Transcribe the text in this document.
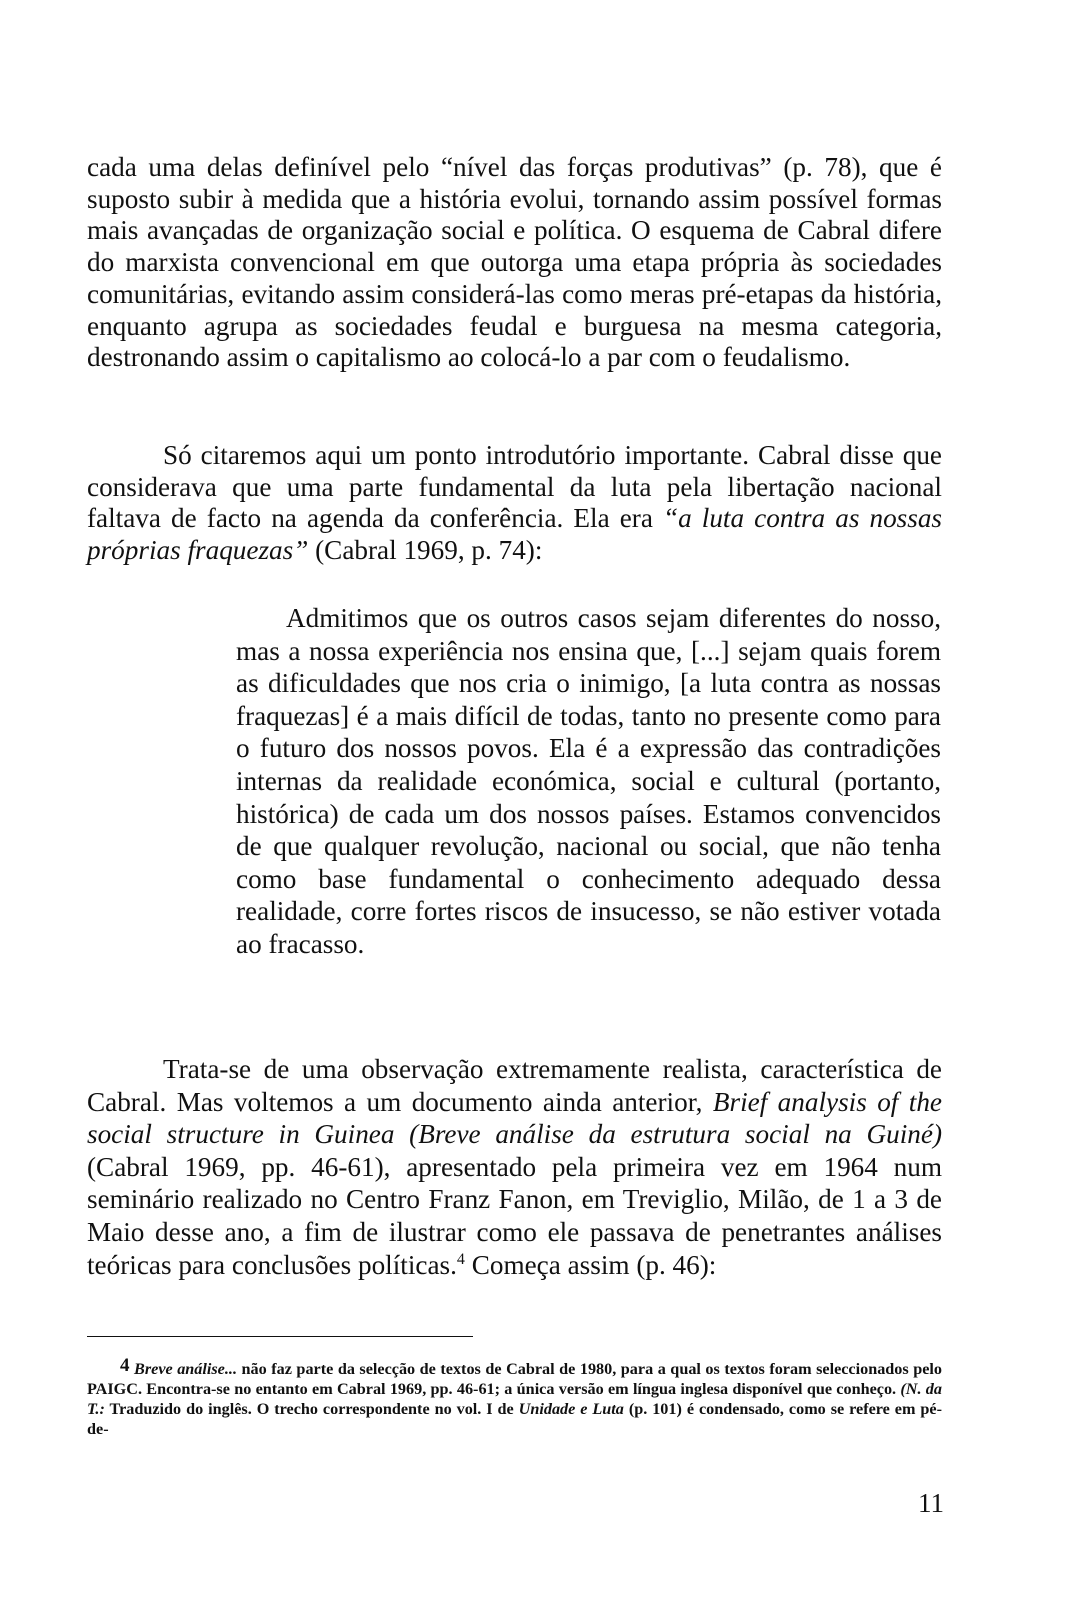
cada uma delas definível pelo “nível das forças produtivas” (p. 78), que é suposto subir à medida que a história evolui, tornando assim possível formas mais avançadas de organização social e política. O esquema de Cabral difere do marxista convencional em que outorga uma etapa própria às sociedades comunitárias, evitando assim considerá-las como meras pré-etapas da história, enquanto agrupa as sociedades feudal e burguesa na mesma categoria, destronando assim o capitalismo ao colocá-lo a par com o feudalismo.

Só citaremos aqui um ponto introdutório importante. Cabral disse que considerava que uma parte fundamental da luta pela libertação nacional faltava de facto na agenda da conferência. Ela era “a luta contra as nossas próprias fraquezas” (Cabral 1969, p. 74):

Admitimos que os outros casos sejam diferentes do nosso, mas a nossa experiência nos ensina que, [...] sejam quais forem as dificuldades que nos cria o inimigo, [a luta contra as nossas fraquezas] é a mais difícil de todas, tanto no presente como para o futuro dos nossos povos. Ela é a expressão das contradições internas da realidade económica, social e cultural (portanto, histórica) de cada um dos nossos países. Estamos convencidos de que qualquer revolução, nacional ou social, que não tenha como base fundamental o conhecimento adequado dessa realidade, corre fortes riscos de insucesso, se não estiver votada ao fracasso.

Trata-se de uma observação extremamente realista, característica de Cabral. Mas voltemos a um documento ainda anterior, Brief analysis of the social structure in Guinea (Breve análise da estrutura social na Guiné) (Cabral 1969, pp. 46-61), apresentado pela primeira vez em 1964 num seminário realizado no Centro Franz Fanon, em Treviglio, Milão, de 1 a 3 de Maio desse ano, a fim de ilustrar como ele passava de penetrantes análises teóricas para conclusões políticas.$^4$ Começa assim (p. 46):

4 Breve análise... não faz parte da selecção de textos de Cabral de 1980, para a qual os textos foram seleccionados pelo PAIGC. Encontra-se no entanto em Cabral 1969, pp. 46-61; a única versão em língua inglesa disponível que conheço. (N. da T.: Traduzido do inglês. O trecho correspondente no vol. I de Unidade e Luta (p. 101) é condensado, como se refere em pé-de-

11
